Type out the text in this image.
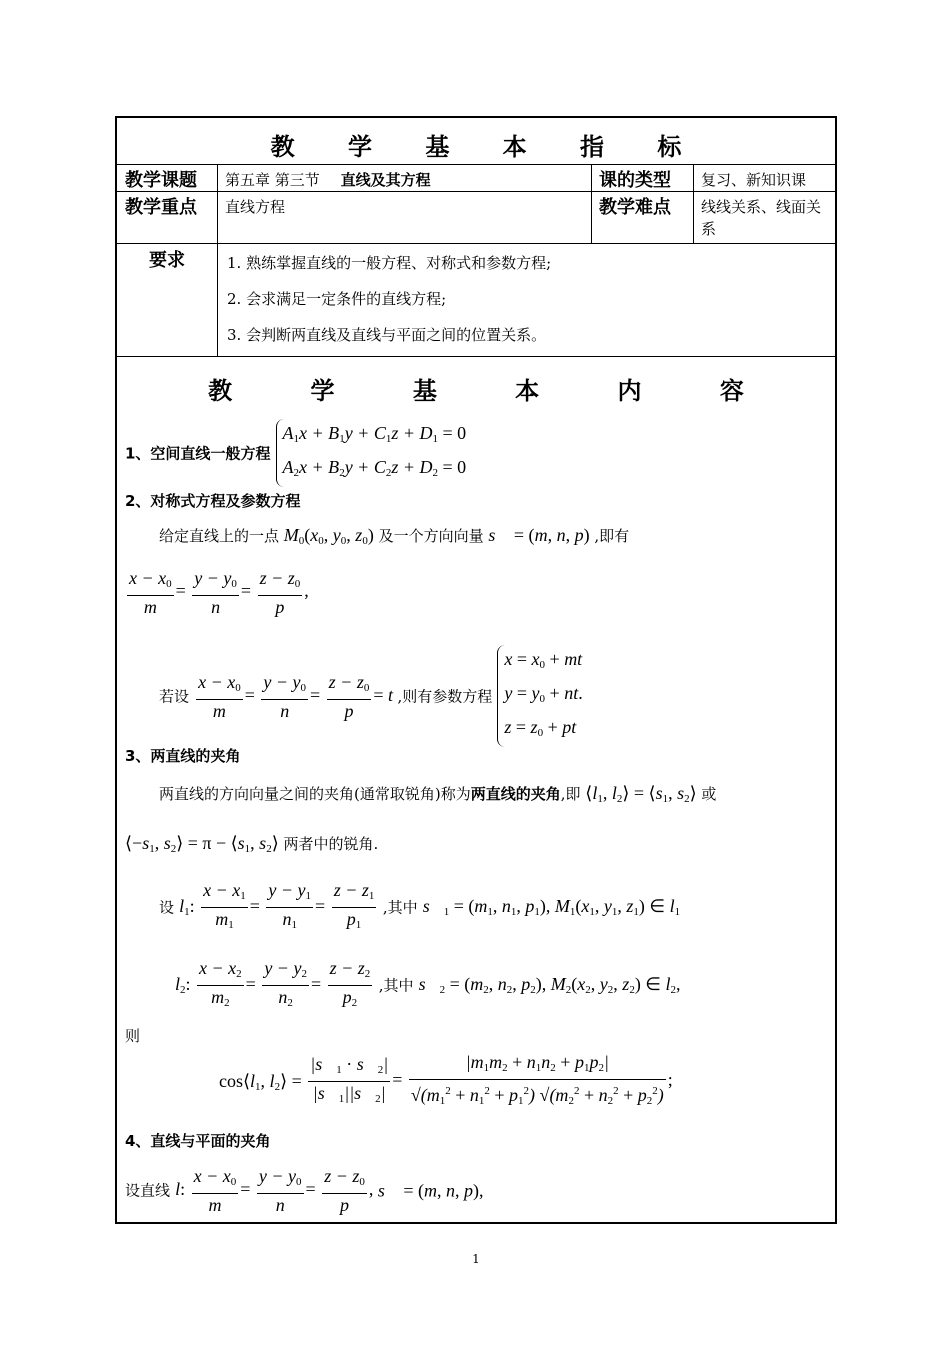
教 学 基 本 指 标
教学课题	第五章 第三节 直线及其方程	课的类型	复习、新知识课
教学重点	直线方程	教学难点	线线关系、线面关系
要求	1. 熟练掌握直线的一般方程、对称式和参数方程;
2. 会求满足一定条件的直线方程;
3. 会判断两直线及直线与平面之间的位置关系。
教	学	基	本	内	容
1、空间直线一般方程
$A_1x + B_1y + C_1z + D_1 = 0$
$A_2x + B_2y + C_2z + D_2 = 0$
2、对称式方程及参数方程
给定直线上的一点 $M_0(x_0$, $y_0$, $z_0$) 及一个方向向量 s⃗ = (m, n, p) ,即有
$\frac{x - x_0}{m} = \frac{y - y_0}{n} = \frac{z - z_0}{p}$ ,
若设 $\frac{x - x_0}{m} = \frac{y - y_0}{n} = \frac{z - z_0}{p} = t$ ,则有参数方程
$x = x_0$ + mt
$y = y_0$ + nt.
$z = z_0$ + pt
3、两直线的夹角
两直线的方向向量之间的夹角(通常取锐角)称为两直线的夹角,即 $⟨l_1$, $l_2⟩$ = $⟨s_1$, $s_2⟩$ 或
$⟨-s_1$, $s_2⟩ = \pi$ − $⟨s_1$, $s_2⟩$ 两者中的锐角.
设 $l_1$: $\frac{x - x_1}{m_1} = \frac{y - y_1}{n_1} = \frac{z - z_1}{p_1}$ ,其中 $s⃗_1 = (m_1$, $n_1$, $p_1$), $M_1(x_1$, $y_1$, $z_1$) ∈ $l_1$
$l_2$: $\frac{x - x_2}{m_2} = \frac{y - y_2}{n_2} = \frac{z - z_2}{p_2}$ ,其中 $s⃗_2 = (m_2$, $n_2$, $p_2$), $M_2(x_2$, $y_2$, $z_2$) ∈ $l_2$,
则
$\cos⟨l_1$, $l_2⟩ = \frac{|s⃗_1 \cdot s⃗_2|}{|s⃗_1||s⃗_2|} = \frac{|m_1m_2 + n_1n_2 + p_1p_2|}{√(m_1^2 + n_1^2 + p_1^2) √(m_2^2 + n_2^2 + p_2^2)}$ ;
4、直线与平面的夹角
设直线 l: $\frac{x - x_0}{m} = \frac{y - y_0}{n} = \frac{z - z_0}{p}$ , s⃗ = (m, n, p),
1
